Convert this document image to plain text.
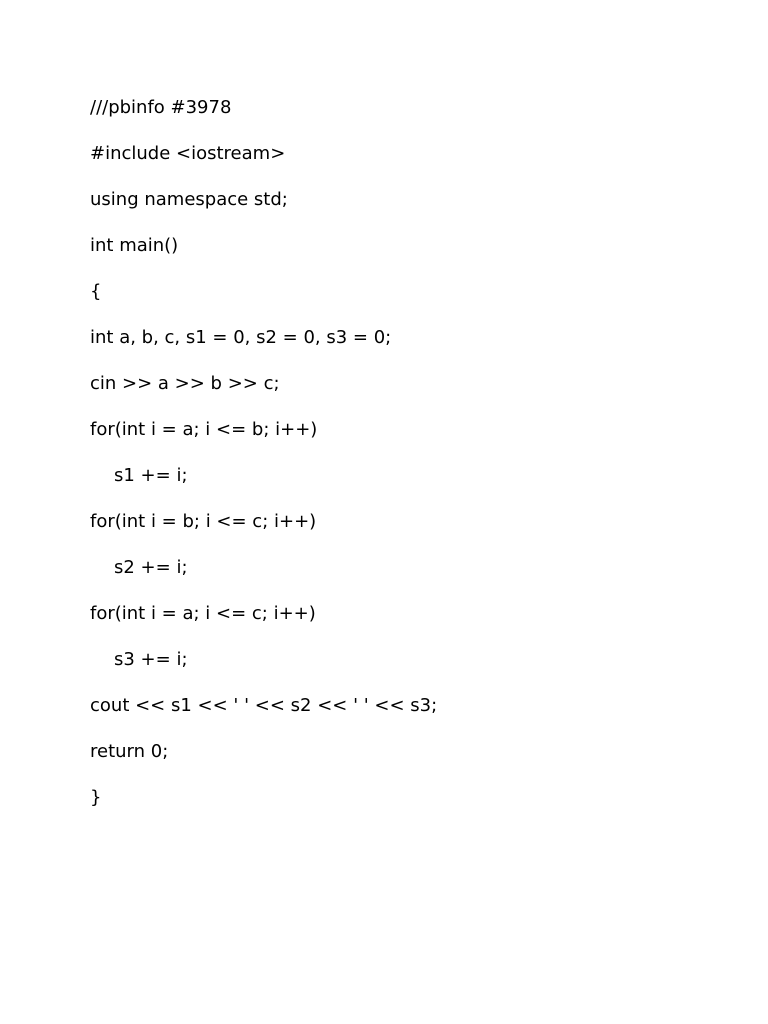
///pbinfo #3978

#include <iostream>

using namespace std;

int main()

{

int a, b, c, s1 = 0, s2 = 0, s3 = 0;

cin >> a >> b >> c;

for(int i = a; i <= b; i++)

s1 += i;

for(int i = b; i <= c; i++)

s2 += i;

for(int i = a; i <= c; i++)

s3 += i;

cout << s1 << ' ' << s2 << ' ' << s3;

return 0;

}
